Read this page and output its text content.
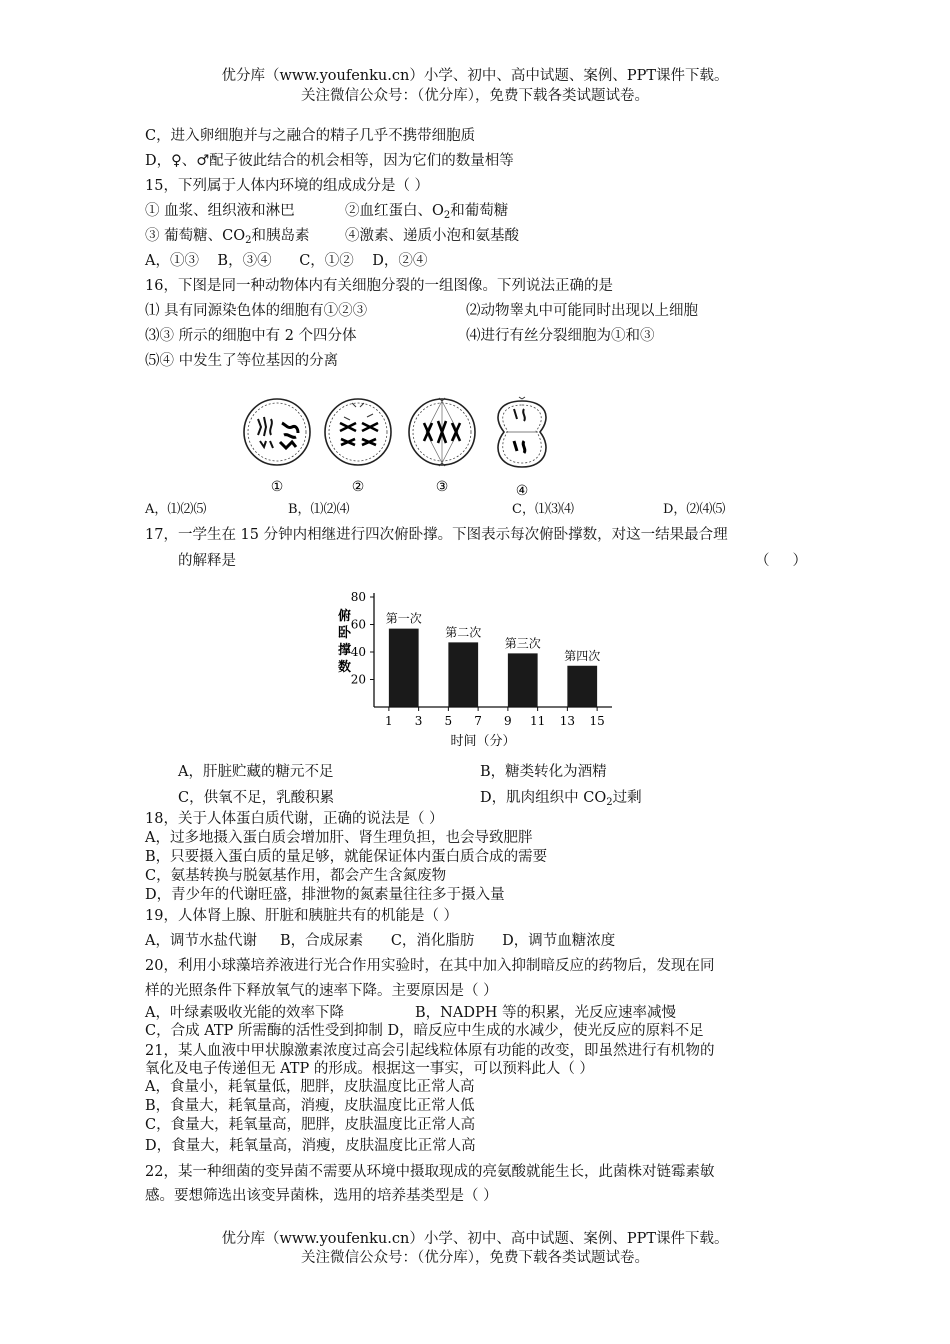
优分库（www.youfenku.cn）小学、初中、高中试题、案例、PPT课件下载。
关注微信公众号：（优分库），免费下载各类试题试卷。
C，进入卵细胞并与之融合的精子几乎不携带细胞质
D，♀、♂配子彼此结合的机会相等，因为它们的数量相等
15，下列属于人体内环境的组成成分是（ ）
① 血浆、组织液和淋巴	②血红蛋白、$O_2$和葡萄糖
③ 葡萄糖、$CO_2$和胰岛素 ④激素、递质小泡和氨基酸
A，①③    B，③④      C，①②    D，②④
16，下图是同一种动物体内有关细胞分裂的一组图像。下列说法正确的是
⑴ 具有同源染色体的细胞有①②③	⑵动物睾丸中可能同时出现以上细胞
⑶③ 所示的细胞中有 2 个四分体	⑷进行有丝分裂细胞为①和③
⑸④ 中发生了等位基因的分离
①	②	③	④
A，⑴⑵⑸	B，⑴⑵⑷	C，⑴⑶⑷	D，⑵⑷⑸
17，一学生在 15 分钟内相继进行四次俯卧撑。下图表示每次俯卧撑数，对这一结果最合理
的解释是	（     ）
俯卧撑数
20
40
60
80
第一次
第二次
第三次
第四次
1 3 5 7 9 11 13 15
时间（分）
A，肝脏贮藏的糖元不足	B，糖类转化为酒精
C，供氧不足，乳酸积累	D，肌肉组织中 $CO_2$过剩
18，关于人体蛋白质代谢，正确的说法是（ ）
A，过多地摄入蛋白质会增加肝、肾生理负担，也会导致肥胖
B，只要摄入蛋白质的量足够，就能保证体内蛋白质合成的需要
C，氨基转换与脱氨基作用，都会产生含氮废物
D，青少年的代谢旺盛，排泄物的氮素量往往多于摄入量
19，人体肾上腺、肝脏和胰脏共有的机能是（ ）
A，调节水盐代谢     B，合成尿素      C，消化脂肪      D，调节血糖浓度
20，利用小球藻培养液进行光合作用实验时，在其中加入抑制暗反应的药物后，发现在同
样的光照条件下释放氧气的速率下降。主要原因是（ ）
A，叶绿素吸收光能的效率下降	B，NADPH 等的积累，光反应速率减慢
C，合成 ATP 所需酶的活性受到抑制 D，暗反应中生成的水减少，使光反应的原料不足
21，某人血液中甲状腺激素浓度过高会引起线粒体原有功能的改变，即虽然进行有机物的
氧化及电子传递但无 ATP 的形成。根据这一事实，可以预料此人（ ）
A，食量小，耗氧量低，肥胖，皮肤温度比正常人高
B，食量大，耗氧量高，消瘦，皮肤温度比正常人低
C，食量大，耗氧量高，肥胖，皮肤温度比正常人高
D，食量大，耗氧量高，消瘦，皮肤温度比正常人高
22，某一种细菌的变异菌不需要从环境中摄取现成的亮氨酸就能生长，此菌株对链霉素敏
感。要想筛选出该变异菌株，选用的培养基类型是（ ）
优分库（www.youfenku.cn）小学、初中、高中试题、案例、PPT课件下载。
关注微信公众号：（优分库），免费下载各类试题试卷。
